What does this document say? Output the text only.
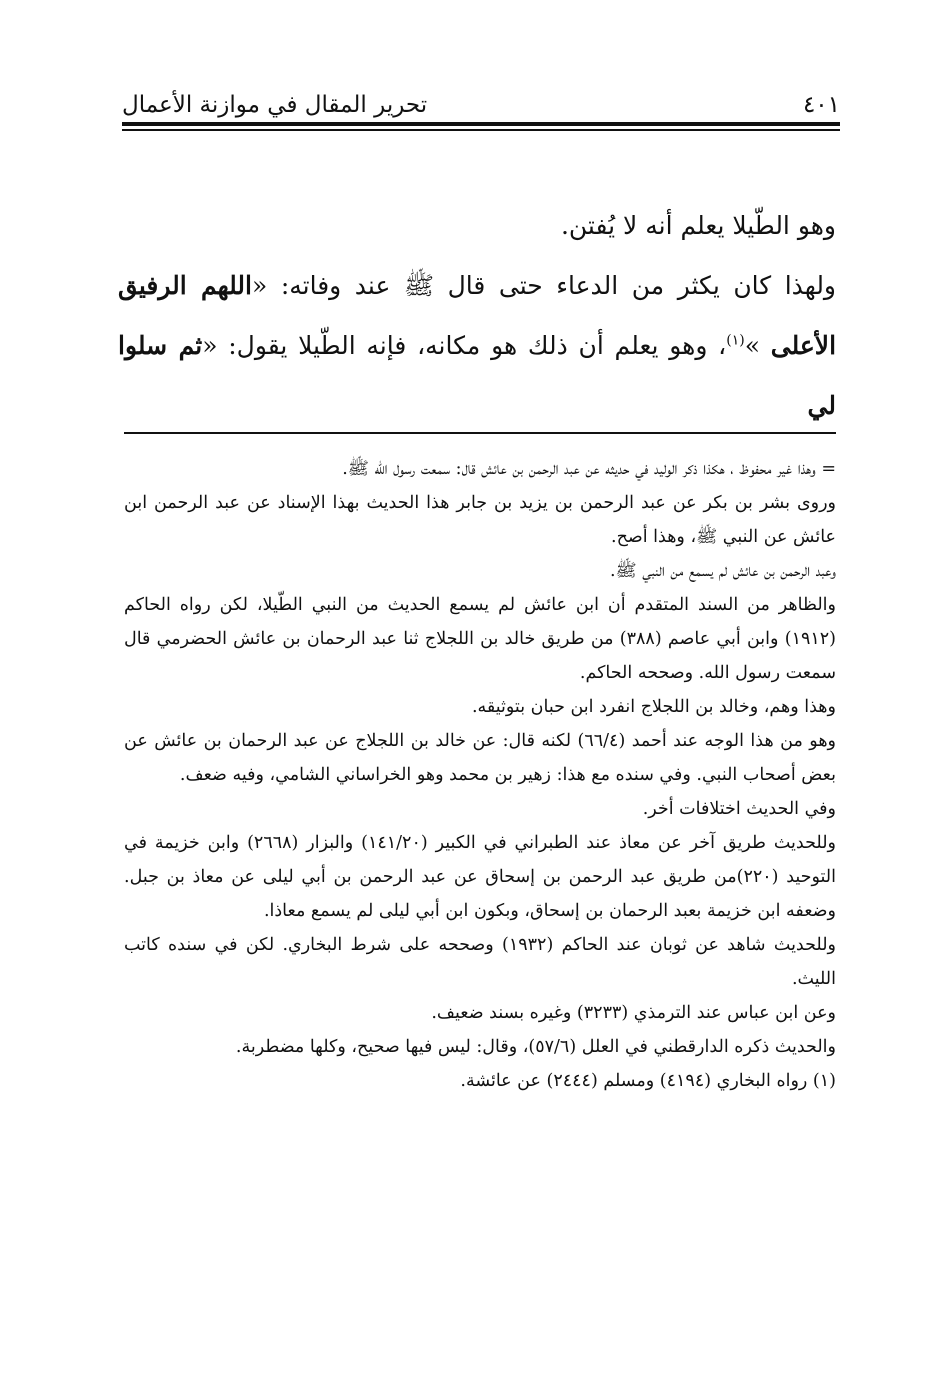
٤٠١
تحرير المقال في موازنة الأعمال

وهو الطّيلا يعلم أنه لا يُفتن.

ولهذا كان يكثر من الدعاء حتى قال ﷺ عند وفاته: «اللهم الرفيق الأعلى »$^{(١)}$، وهو يعلم أن ذلك هو مكانه، فإنه الطّيلا يقول: «ثم سلوا لي

= وهذا غير محفوظ ، هكذا ذكر الوليد في حديثه عن عبد الرحمن بن عائش قال: سمعت رسول الله ﷺ.

وروى بشر بن بكر عن عبد الرحمن بن يزيد بن جابر هذا الحديث بهذا الإسناد عن عبد الرحمن ابن عائش عن النبي ﷺ، وهذا أصح.

وعبد الرحمن بن عائش لم يسمع من النبي ﷺ.

والظاهر من السند المتقدم أن ابن عائش لم يسمع الحديث من النبي الطّيلا، لكن رواه الحاكم (١٩١٢) وابن أبي عاصم (٣٨٨) من طريق خالد بن اللجلاج ثنا عبد الرحمان بن عائش الحضرمي قال سمعت رسول الله. وصححه الحاكم.

وهذا وهم، وخالد بن اللجلاج انفرد ابن حبان بتوثيقه.

وهو من هذا الوجه عند أحمد (٦٦/٤) لكنه قال: عن خالد بن اللجلاج عن عبد الرحمان بن عائش عن بعض أصحاب النبي. وفي سنده مع هذا: زهير بن محمد وهو الخراساني الشامي، وفيه ضعف.

وفي الحديث اختلافات أخر.

وللحديث طريق آخر عن معاذ عند الطبراني في الكبير (١٤١/٢٠) والبزار (٢٦٦٨) وابن خزيمة في التوحيد (٢٢٠)من طريق عبد الرحمن بن إسحاق عن عبد الرحمن بن أبي ليلى عن معاذ بن جبل. وضعفه ابن خزيمة بعبد الرحمان بن إسحاق، وبكون ابن أبي ليلى لم يسمع معاذا.

وللحديث شاهد عن ثوبان عند الحاكم (١٩٣٢) وصححه على شرط البخاري. لكن في سنده كاتب الليث.

وعن ابن عباس عند الترمذي (٣٢٣٣) وغيره بسند ضعيف.

والحديث ذكره الدارقطني في العلل (٥٧/٦)، وقال: ليس فيها صحيح، وكلها مضطربة.

(١) رواه البخاري (٤١٩٤) ومسلم (٢٤٤٤) عن عائشة.
